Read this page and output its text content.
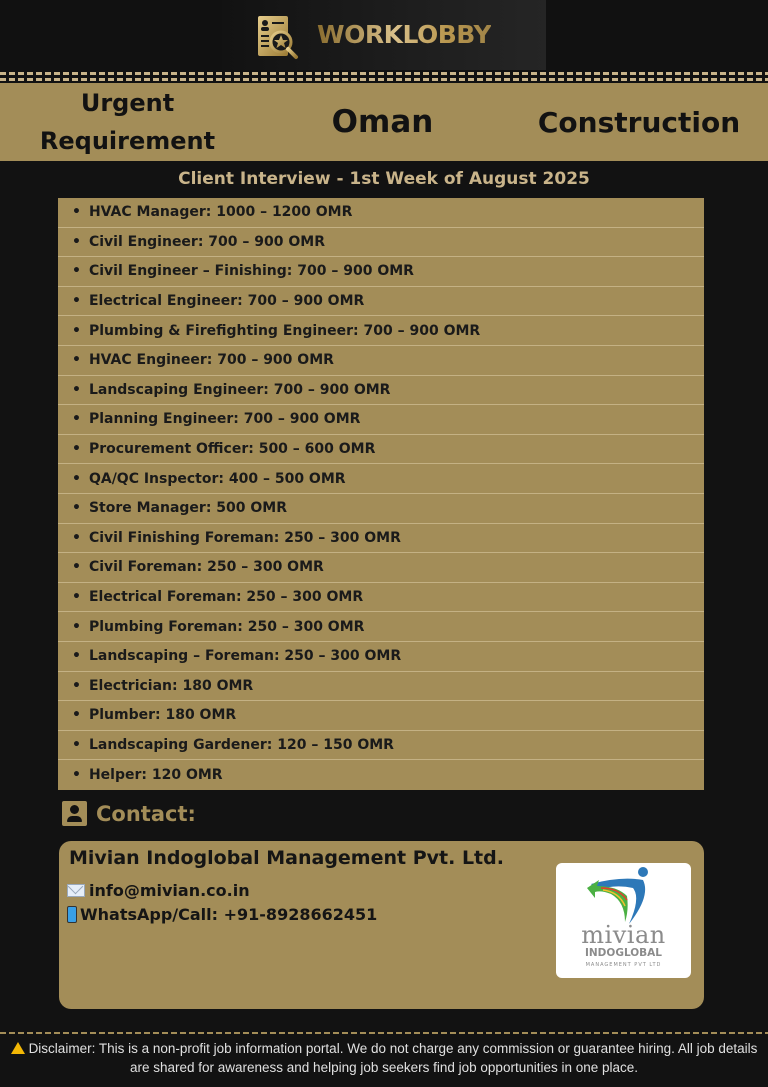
WORKLOBBY
Urgent Requirement
Oman	Construction
Client Interview - 1st Week of August 2025
• HVAC Manager: 1000 – 1200 OMR
• Civil Engineer: 700 – 900 OMR
• Civil Engineer – Finishing: 700 – 900 OMR
• Electrical Engineer: 700 – 900 OMR
• Plumbing & Firefighting Engineer: 700 – 900 OMR
• HVAC Engineer: 700 – 900 OMR
• Landscaping Engineer: 700 – 900 OMR
• Planning Engineer: 700 – 900 OMR
• Procurement Officer: 500 – 600 OMR
• QA/QC Inspector: 400 – 500 OMR
• Store Manager: 500 OMR
• Civil Finishing Foreman: 250 – 300 OMR
• Civil Foreman: 250 – 300 OMR
• Electrical Foreman: 250 – 300 OMR
• Plumbing Foreman: 250 – 300 OMR
• Landscaping – Foreman: 250 – 300 OMR
• Electrician: 180 OMR
• Plumber: 180 OMR
• Landscaping Gardener: 120 – 150 OMR
• Helper: 120 OMR
Contact:
Mivian Indoglobal Management Pvt. Ltd.
info@mivian.co.in
WhatsApp/Call: +91-8928662451
mivian
INDOGLOBAL
MANAGEMENT PVT LTD
Disclaimer: This is a non-profit job information portal. We do not charge any commission or guarantee hiring. All job details are shared for awareness and helping job seekers find job opportunities in one place.
